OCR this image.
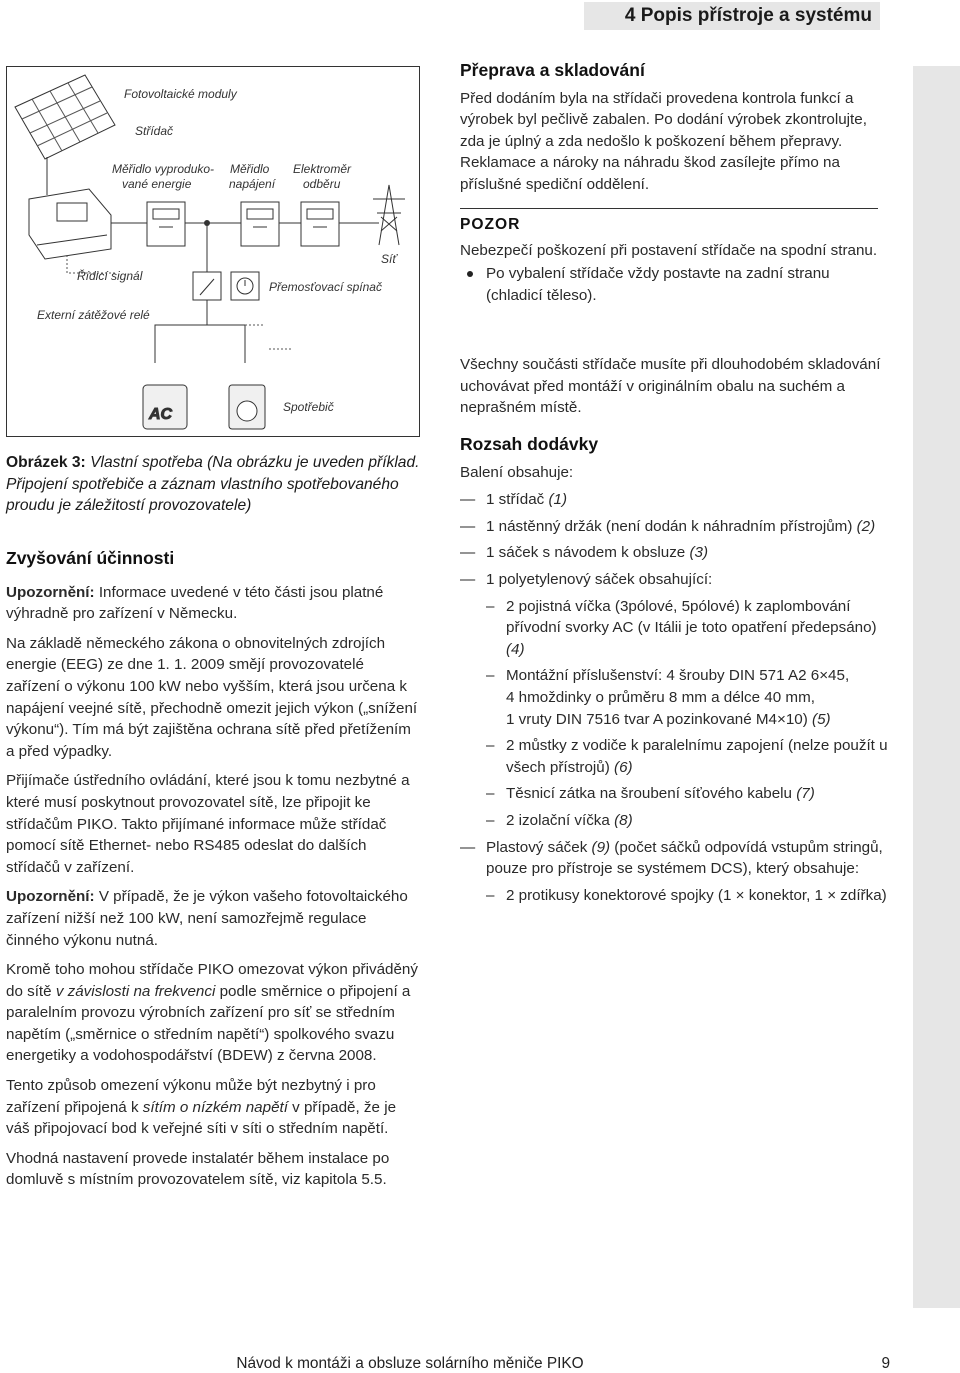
4 Popis přístroje a systému
Fotovoltaické moduly
Střídač
Měřidlo vyproduko-
vané energie
Měřidlo
napájení
Elektroměr
odběru
Síť
Řídicí signál
Přemosťovací spínač
Externí zátěžové relé
AC	Spotřebič
Obrázek 3: Vlastní spotřeba (Na obrázku je uveden příklad. Připojení spotřebiče a záznam vlastního spotřebovaného proudu je záležitostí provozovatele)
Zvyšování účinnosti

Upozornění: Informace uvedené v této části jsou platné výhradně pro zařízení v Německu.

Na základě německého zákona o obnovitelných zdrojích energie (EEG) ze dne 1. 1. 2009 smějí provozovatelé zařízení o výkonu 100 kW nebo vyšším, která jsou určena k napájení veejné sítě, přechodně omezit jejich výkon („snížení výkonu“). Tím má být zajištěna ochrana sítě před přetížením a před výpadky.

Přijímače ústředního ovládání, které jsou k tomu nezbytné a které musí poskytnout provozovatel sítě, lze připojit ke střídačům PIKO. Takto přijímané informace může střídač pomocí sítě Ethernet- nebo RS485 odeslat do dalších střídačů v zařízení.

Upozornění: V případě, že je výkon vašeho fotovoltaického zařízení nižší než 100 kW, není samozřejmě regulace činného výkonu nutná.

Kromě toho mohou střídače PIKO omezovat výkon přiváděný do sítě v závislosti na frekvenci podle směrnice o připojení a paralelním provozu výrobních zařízení pro síť se středním napětím („směrnice o středním napětí“) spolkového svazu energetiky a vodohospodářství (BDEW) z června 2008.

Tento způsob omezení výkonu může být nezbytný i pro zařízení připojená k sítím o nízkém napětí v případě, že je váš připojovací bod k veřejné síti v síti o středním napětí.

Vhodná nastavení provede instalatér během instalace po domluvě s místním provozovatelem sítě, viz kapitola 5.5.

Přeprava a skladování

Před dodáním byla na střídači provedena kontrola funkcí a výrobek byl pečlivě zabalen. Po dodání výrobek zkontrolujte, zda je úplný a zda nedošlo k poškození během přepravy. Reklamace a nároky na náhradu škod zasílejte přímo na příslušné spediční oddělení.

POZOR

Nebezpečí poškození při postavení střídače na spodní stranu.

Po vybalení střídače vždy postavte na zadní stranu (chladicí těleso).

Všechny součásti střídače musíte při dlouhodobém skladování uchovávat před montáží v originálním obalu na suchém a neprašném místě.

Rozsah dodávky

Balení obsahuje:

— 1 střídač (1)
— 1 nástěnný držák (není dodán k náhradním přístrojům) (2)
— 1 sáček s návodem k obsluze (3)
— 1 polyetylenový sáček obsahující:
– 2 pojistná víčka (3pólové, 5pólové) k zaplombování přívodní svorky AC (v Itálii je toto opatření předepsáno) (4)
– Montážní příslušenství: 4 šrouby DIN 571 A2 6×45,
4 hmoždinky o průměru 8 mm a délce 40 mm,
1 vruty DIN 7516 tvar A pozinkované M4×10) (5)
– 2 můstky z vodiče k paralelnímu zapojení (nelze použít u všech přístrojů) (6)
– Těsnicí zátka na šroubení síťového kabelu (7)
– 2 izolační víčka (8)
— Plastový sáček (9) (počet sáčků odpovídá vstupům stringů, pouze pro přístroje se systémem DCS), který obsahuje:
– 2 protikusy konektorové spojky (1 × konektor, 1 × zdířka)
Návod k montáži a obsluze solárního měniče PIKO	9
